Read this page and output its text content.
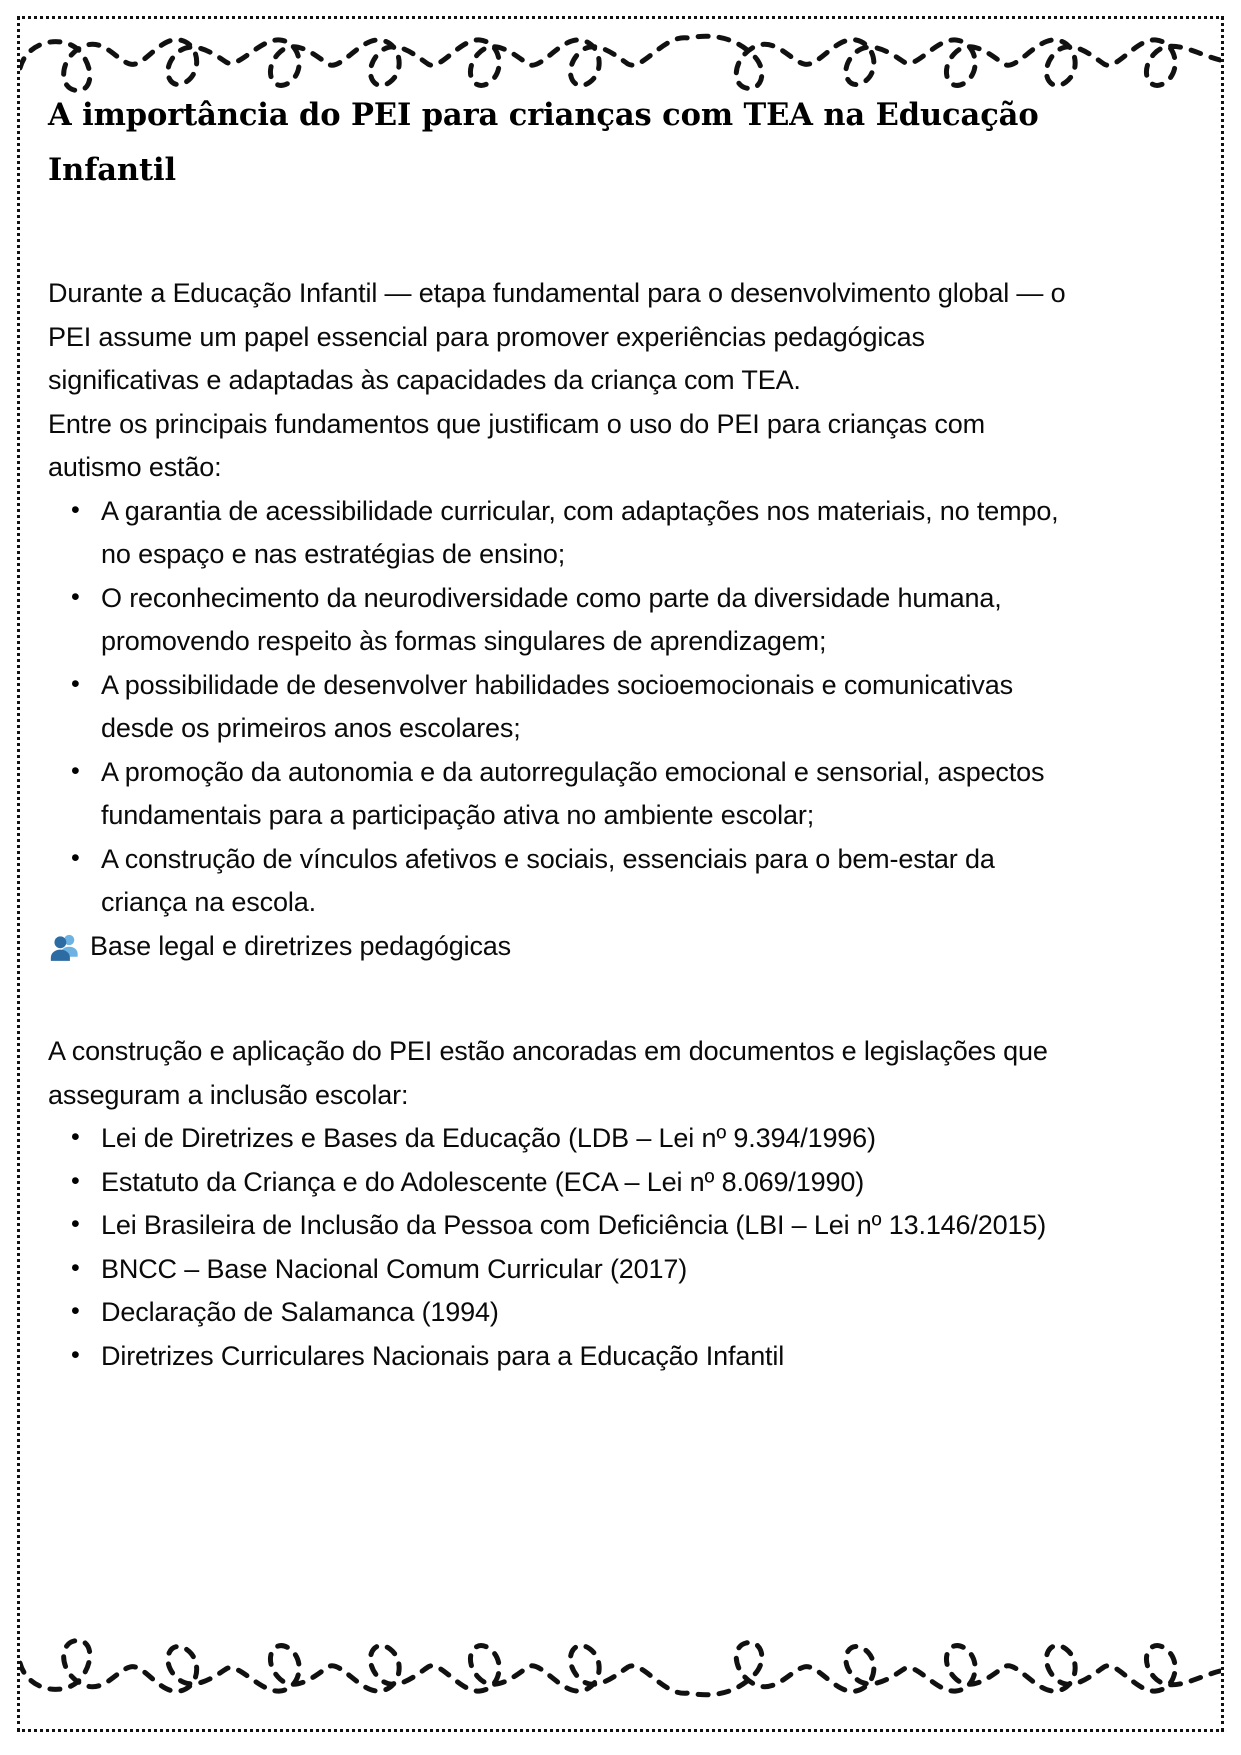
A importância do PEI para crianças com TEA na Educação Infantil

Durante a Educação Infantil — etapa fundamental para o desenvolvimento global — o PEI assume um papel essencial para promover experiências pedagógicas significativas e adaptadas às capacidades da criança com TEA.

Entre os principais fundamentos que justificam o uso do PEI para crianças com autismo estão:

• A garantia de acessibilidade curricular, com adaptações nos materiais, no tempo, no espaço e nas estratégias de ensino;
• O reconhecimento da neurodiversidade como parte da diversidade humana, promovendo respeito às formas singulares de aprendizagem;
• A possibilidade de desenvolver habilidades socioemocionais e comunicativas desde os primeiros anos escolares;
• A promoção da autonomia e da autorregulação emocional e sensorial, aspectos fundamentais para a participação ativa no ambiente escolar;
• A construção de vínculos afetivos e sociais, essenciais para o bem-estar da criança na escola.
Base legal e diretrizes pedagógicas

A construção e aplicação do PEI estão ancoradas em documentos e legislações que asseguram a inclusão escolar:

• Lei de Diretrizes e Bases da Educação (LDB – Lei nº 9.394/1996)
• Estatuto da Criança e do Adolescente (ECA – Lei nº 8.069/1990)
• Lei Brasileira de Inclusão da Pessoa com Deficiência (LBI – Lei nº 13.146/2015)
• BNCC – Base Nacional Comum Curricular (2017)
• Declaração de Salamanca (1994)
• Diretrizes Curriculares Nacionais para a Educação Infantil
